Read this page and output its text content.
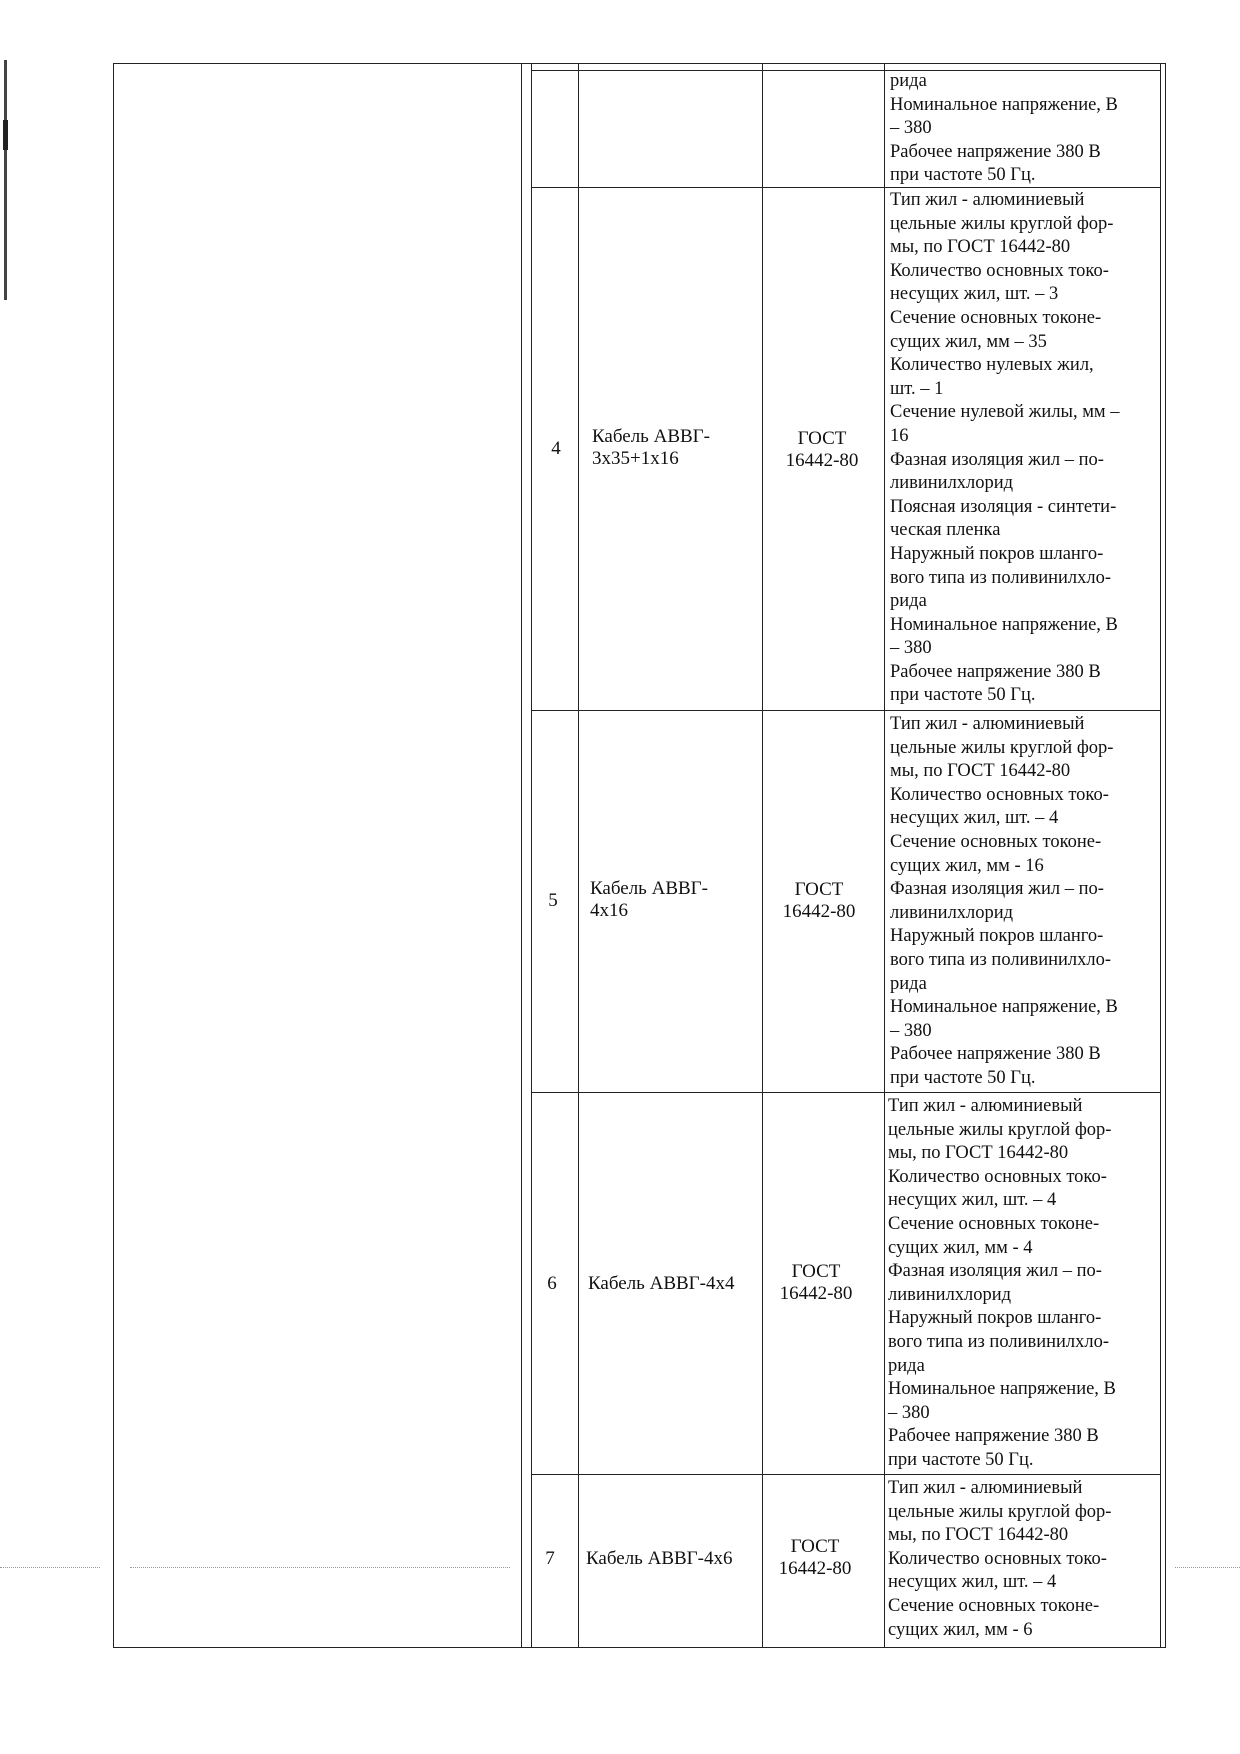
рида
Номинальное напряжение, В
– 380
Рабочее напряжение 380 В
при частоте 50 Гц.
4
Кабель АВВГ-
3x35+1x16
ГОСТ
16442-80
Тип жил - алюминиевый
цельные жилы круглой фор-
мы, по ГОСТ 16442-80
Количество основных токо-
несущих жил, шт. – 3
Сечение основных токоне-
сущих жил, мм – 35
Количество нулевых жил,
шт. – 1
Сечение нулевой жилы, мм –
16
Фазная изоляция жил – по-
ливинилхлорид
Поясная изоляция - синтети-
ческая пленка
Наружный покров шланго-
вого типа из поливинилхло-
рида
Номинальное напряжение, В
– 380
Рабочее напряжение 380 В
при частоте 50 Гц.
5
Кабель АВВГ-
4x16
ГОСТ
16442-80
Тип жил - алюминиевый
цельные жилы круглой фор-
мы, по ГОСТ 16442-80
Количество основных токо-
несущих жил, шт. – 4
Сечение основных токоне-
сущих жил, мм - 16
Фазная изоляция жил – по-
ливинилхлорид
Наружный покров шланго-
вого типа из поливинилхло-
рида
Номинальное напряжение, В
– 380
Рабочее напряжение 380 В
при частоте 50 Гц.
6	Кабель АВВГ-4x4
ГОСТ
16442-80
Тип жил - алюминиевый
цельные жилы круглой фор-
мы, по ГОСТ 16442-80
Количество основных токо-
несущих жил, шт. – 4
Сечение основных токоне-
сущих жил, мм - 4
Фазная изоляция жил – по-
ливинилхлорид
Наружный покров шланго-
вого типа из поливинилхло-
рида
Номинальное напряжение, В
– 380
Рабочее напряжение 380 В
при частоте 50 Гц.
7	Кабель АВВГ-4x6
ГОСТ
16442-80
Тип жил - алюминиевый
цельные жилы круглой фор-
мы, по ГОСТ 16442-80
Количество основных токо-
несущих жил, шт. – 4
Сечение основных токоне-
сущих жил, мм - 6
